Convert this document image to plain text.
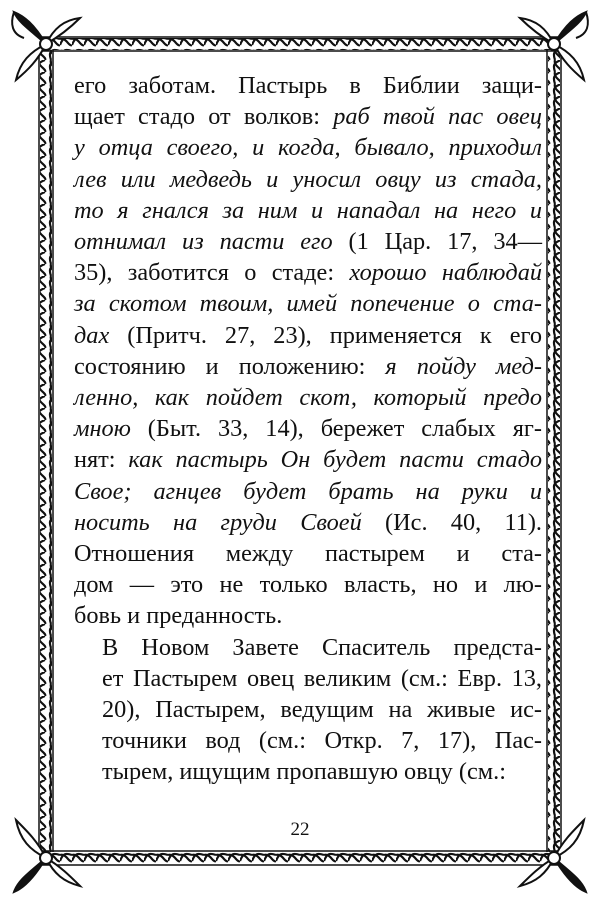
его заботам. Пастырь в Библии защи-
щает стадо от волков: раб твой пас овец
у отца своего, и когда, бывало, приходил
лев или медведь и уносил овцу из стада,
то я гнался за ним и нападал на него и
отнимал из пасти его (1 Цар. 17, 34—
35), заботится о стаде: хорошо наблюдай
за скотом твоим, имей попечение о ста-
дах (Притч. 27, 23), применяется к его
состоянию и положению: я пойду мед-
ленно, как пойдет скот, который предо
мною (Быт. 33, 14), бережет слабых яг-
нят: как пастырь Он будет пасти стадо
Свое; агнцев будет брать на руки и
носить на груди Своей (Ис. 40, 11).
Отношения между пастырем и ста-
дом — это не только власть, но и лю-
бовь и преданность.

В Новом Завете Спаситель предста-
ет Пастырем овец великим (см.: Евр. 13,
20), Пастырем, ведущим на живые ис-
точники вод (см.: Откр. 7, 17), Пас-
тырем, ищущим пропавшую овцу (см.:

22
